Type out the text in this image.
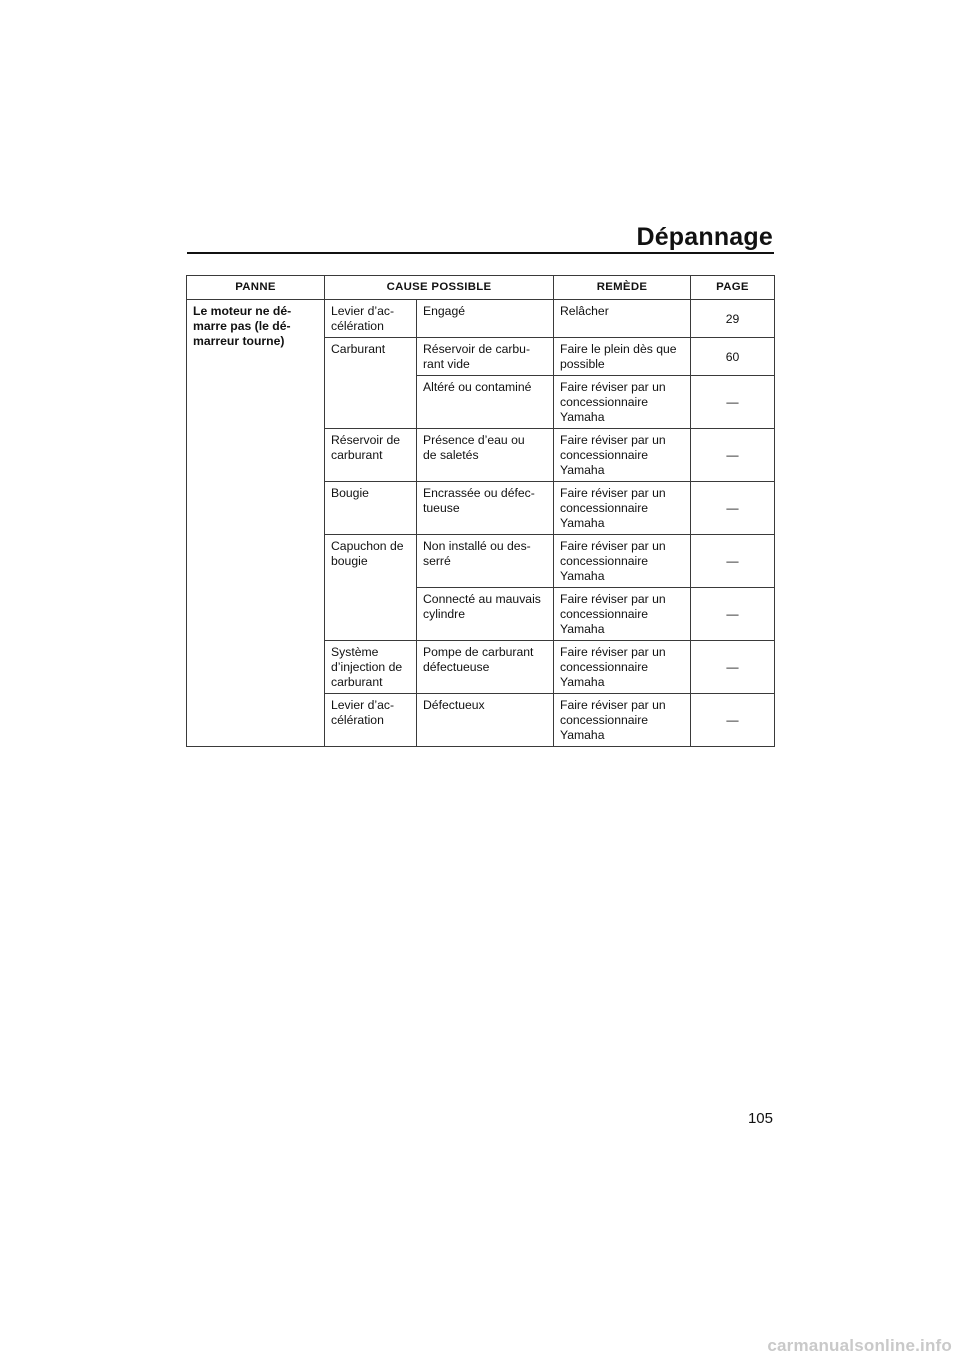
Dépannage
PANNE	CAUSE POSSIBLE		REMÈDE	PAGE
Le moteur ne dé-
marre pas (le dé-
marreur tourne)	Levier d’ac-
célération	Engagé	Relâcher	29
	Carburant	Réservoir de carbu-
rant vide	Faire le plein dès que
possible	60
		Altéré ou contaminé	Faire réviser par un
concessionnaire
Yamaha	—
	Réservoir de
carburant	Présence d’eau ou
de saletés	Faire réviser par un
concessionnaire
Yamaha	—
	Bougie	Encrassée ou défec-
tueuse	Faire réviser par un
concessionnaire
Yamaha	—
	Capuchon de
bougie	Non installé ou des-
serré	Faire réviser par un
concessionnaire
Yamaha	—
		Connecté au mauvais
cylindre	Faire réviser par un
concessionnaire
Yamaha	—
	Système
d’injection de
carburant	Pompe de carburant
défectueuse	Faire réviser par un
concessionnaire
Yamaha	—
	Levier d’ac-
célération	Défectueux	Faire réviser par un
concessionnaire
Yamaha	—
105
carmanualsonline.info
